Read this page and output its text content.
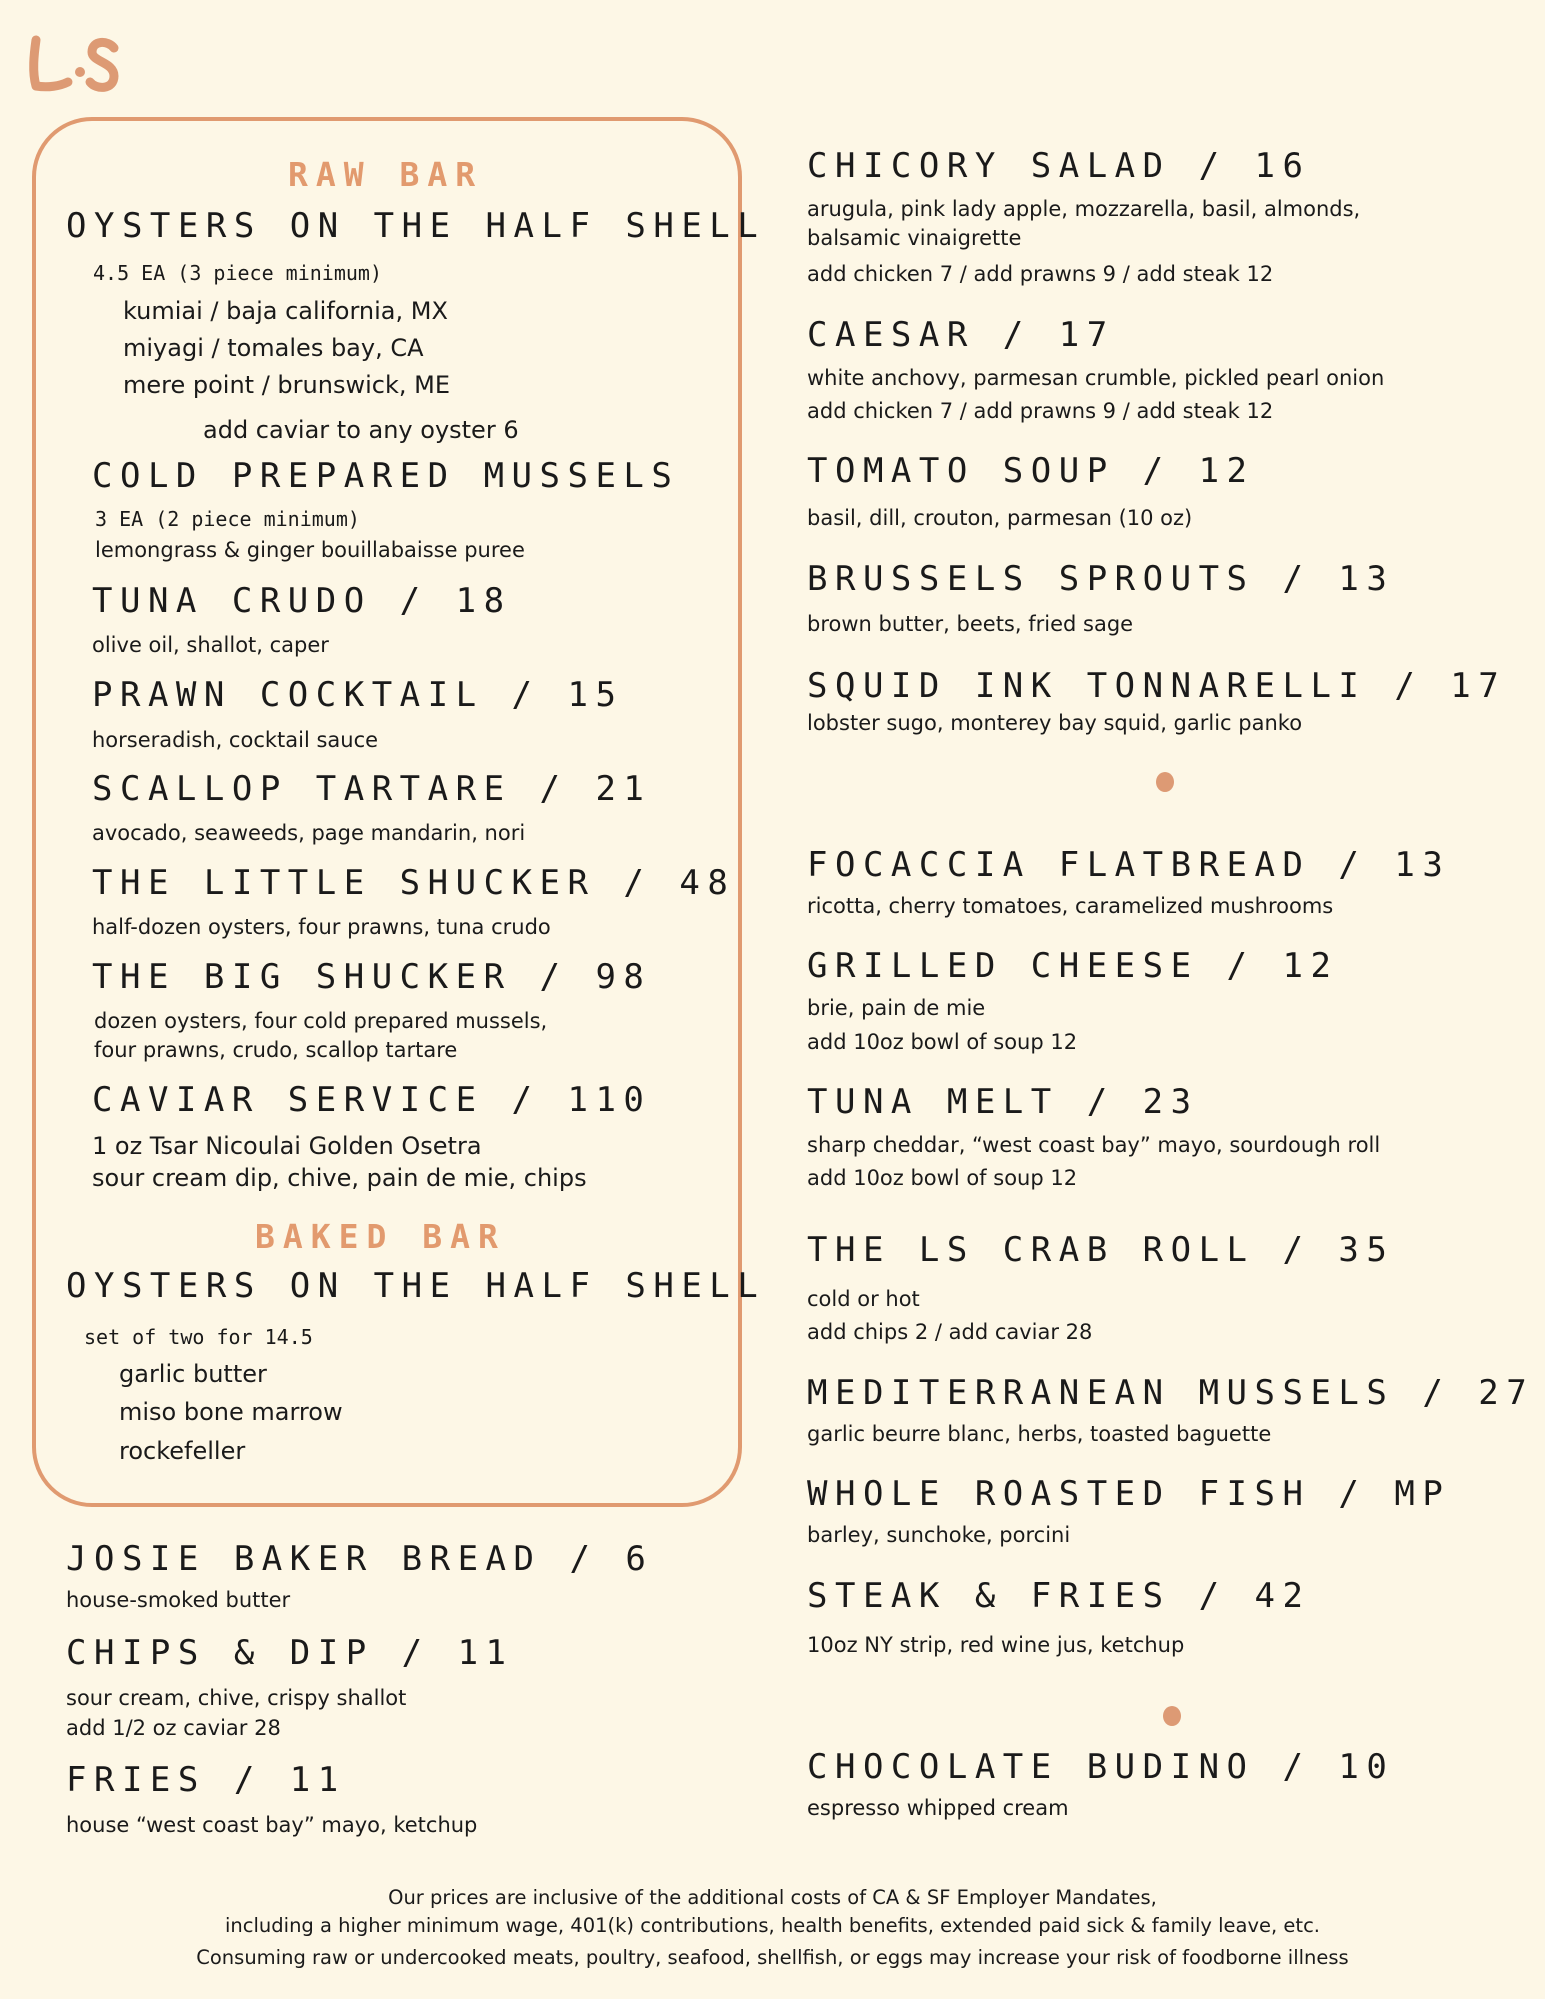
RAW BAR
OYSTERS ON THE HALF SHELL
4.5 EA (3 piece minimum)
kumiai / baja california, MX
miyagi / tomales bay, CA
mere point / brunswick, ME
add caviar to any oyster 6
COLD PREPARED MUSSELS
3 EA (2 piece minimum)
lemongrass & ginger bouillabaisse puree
TUNA CRUDO / 18
olive oil, shallot, caper
PRAWN COCKTAIL / 15
horseradish, cocktail sauce
SCALLOP TARTARE / 21
avocado, seaweeds, page mandarin, nori
THE LITTLE SHUCKER / 48
half-dozen oysters, four prawns, tuna crudo
THE BIG SHUCKER / 98
dozen oysters, four cold prepared mussels,
four prawns, crudo, scallop tartare
CAVIAR SERVICE / 110
1 oz Tsar Nicoulai Golden Osetra
sour cream dip, chive, pain de mie, chips
BAKED BAR
OYSTERS ON THE HALF SHELL
set of two for 14.5
garlic butter
miso bone marrow
rockefeller
JOSIE BAKER BREAD / 6
house-smoked butter
CHIPS & DIP / 11
sour cream, chive, crispy shallot
add 1/2 oz caviar 28
FRIES / 11
house “west coast bay” mayo, ketchup
CHICORY SALAD / 16
arugula, pink lady apple, mozzarella, basil, almonds,
balsamic vinaigrette
add chicken 7 / add prawns 9 / add steak 12
CAESAR / 17
white anchovy, parmesan crumble, pickled pearl onion
add chicken 7 / add prawns 9 / add steak 12
TOMATO SOUP / 12
basil, dill, crouton, parmesan (10 oz)
BRUSSELS SPROUTS / 13
brown butter, beets, fried sage
SQUID INK TONNARELLI / 17
lobster sugo, monterey bay squid, garlic panko
FOCACCIA FLATBREAD / 13
ricotta, cherry tomatoes, caramelized mushrooms
GRILLED CHEESE / 12
brie, pain de mie
add 10oz bowl of soup 12
TUNA MELT / 23
sharp cheddar, “west coast bay” mayo, sourdough roll
add 10oz bowl of soup 12
THE LS CRAB ROLL / 35
cold or hot
add chips 2 / add caviar 28
MEDITERRANEAN MUSSELS / 27
garlic beurre blanc, herbs, toasted baguette
WHOLE ROASTED FISH / MP
barley, sunchoke, porcini
STEAK & FRIES / 42
10oz NY strip, red wine jus, ketchup
CHOCOLATE BUDINO / 10
espresso whipped cream
Our prices are inclusive of the additional costs of CA & SF Employer Mandates,
including a higher minimum wage, 401(k) contributions, health benefits, extended paid sick & family leave, etc.
Consuming raw or undercooked meats, poultry, seafood, shellfish, or eggs may increase your risk of foodborne illness
